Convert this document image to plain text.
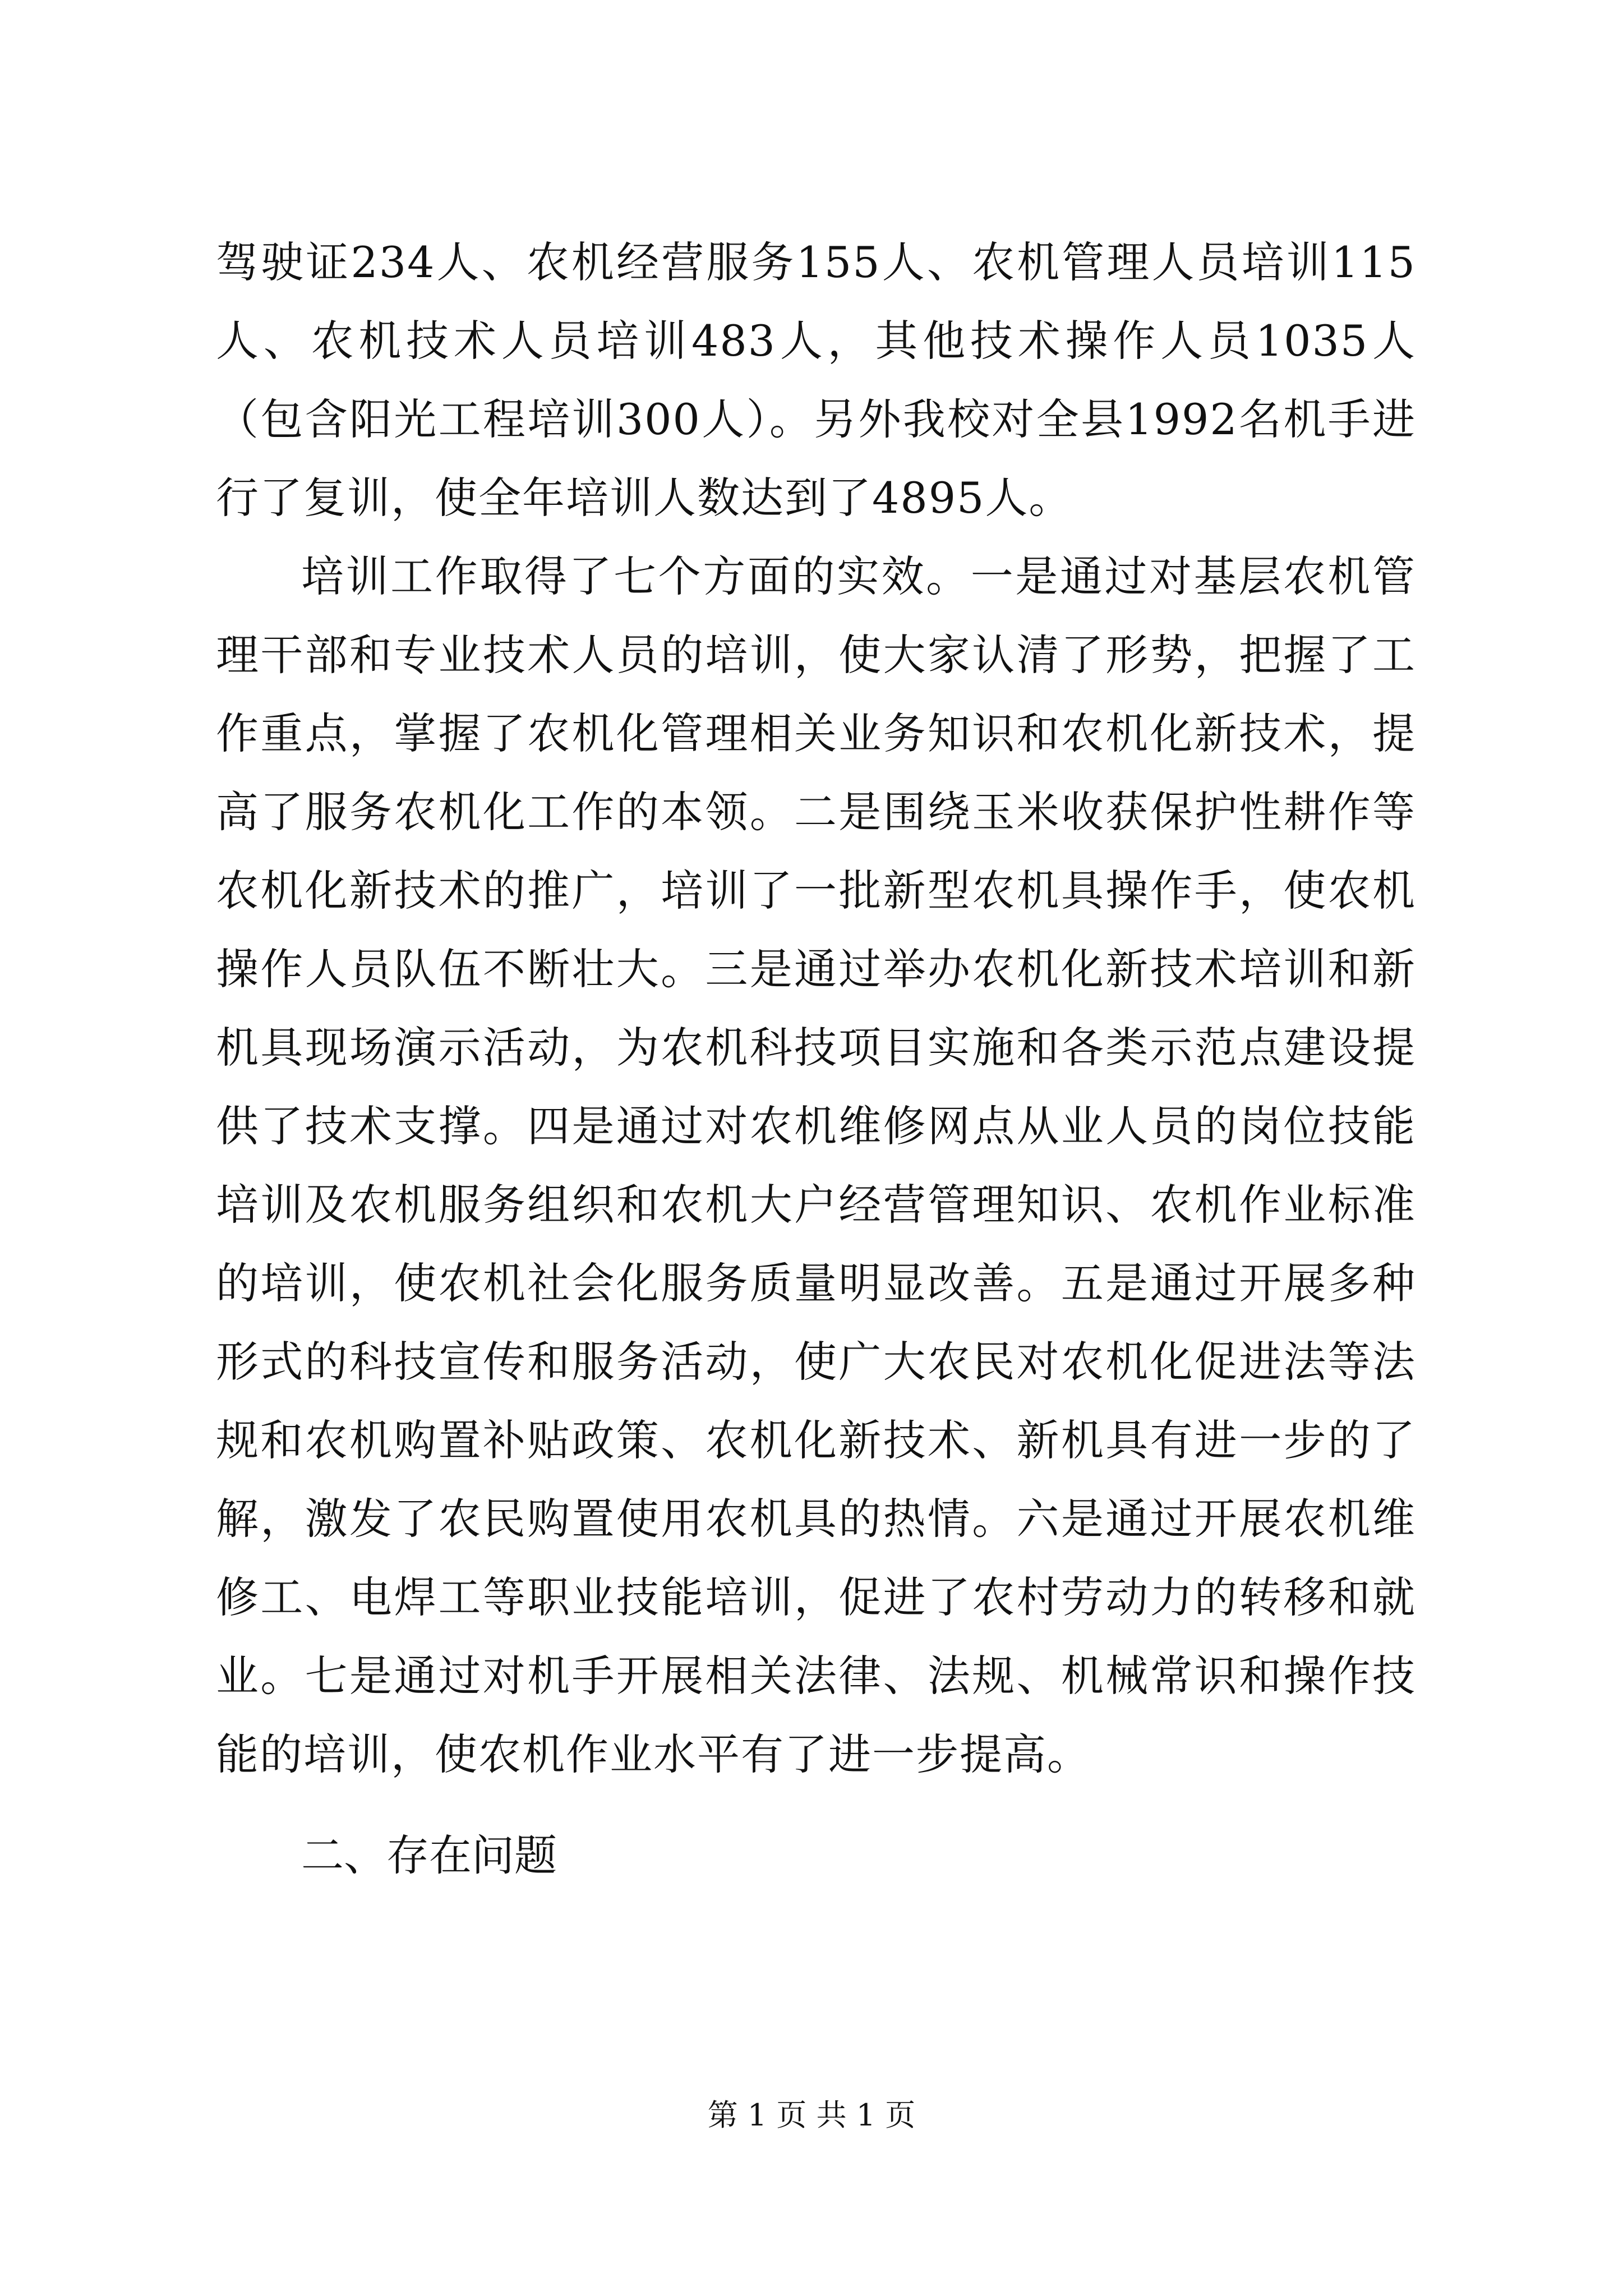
驾驶证234人、农机经营服务155人、农机管理人员培训115人、农机技术人员培训483人，其他技术操作人员1035人（包含阳光工程培训300人）。另外我校对全县1992名机手进行了复训，使全年培训人数达到了4895人。

培训工作取得了七个方面的实效。一是通过对基层农机管理干部和专业技术人员的培训，使大家认清了形势，把握了工作重点，掌握了农机化管理相关业务知识和农机化新技术，提高了服务农机化工作的本领。二是围绕玉米收获保护性耕作等农机化新技术的推广，培训了一批新型农机具操作手，使农机操作人员队伍不断壮大。三是通过举办农机化新技术培训和新机具现场演示活动，为农机科技项目实施和各类示范点建设提供了技术支撑。四是通过对农机维修网点从业人员的岗位技能培训及农机服务组织和农机大户经营管理知识、农机作业标准的培训，使农机社会化服务质量明显改善。五是通过开展多种形式的科技宣传和服务活动，使广大农民对农机化促进法等法规和农机购置补贴政策、农机化新技术、新机具有进一步的了解，激发了农民购置使用农机具的热情。六是通过开展农机维修工、电焊工等职业技能培训，促进了农村劳动力的转移和就业。七是通过对机手开展相关法律、法规、机械常识和操作技能的培训，使农机作业水平有了进一步提高。

二、存在问题

第 1 页 共 1 页
